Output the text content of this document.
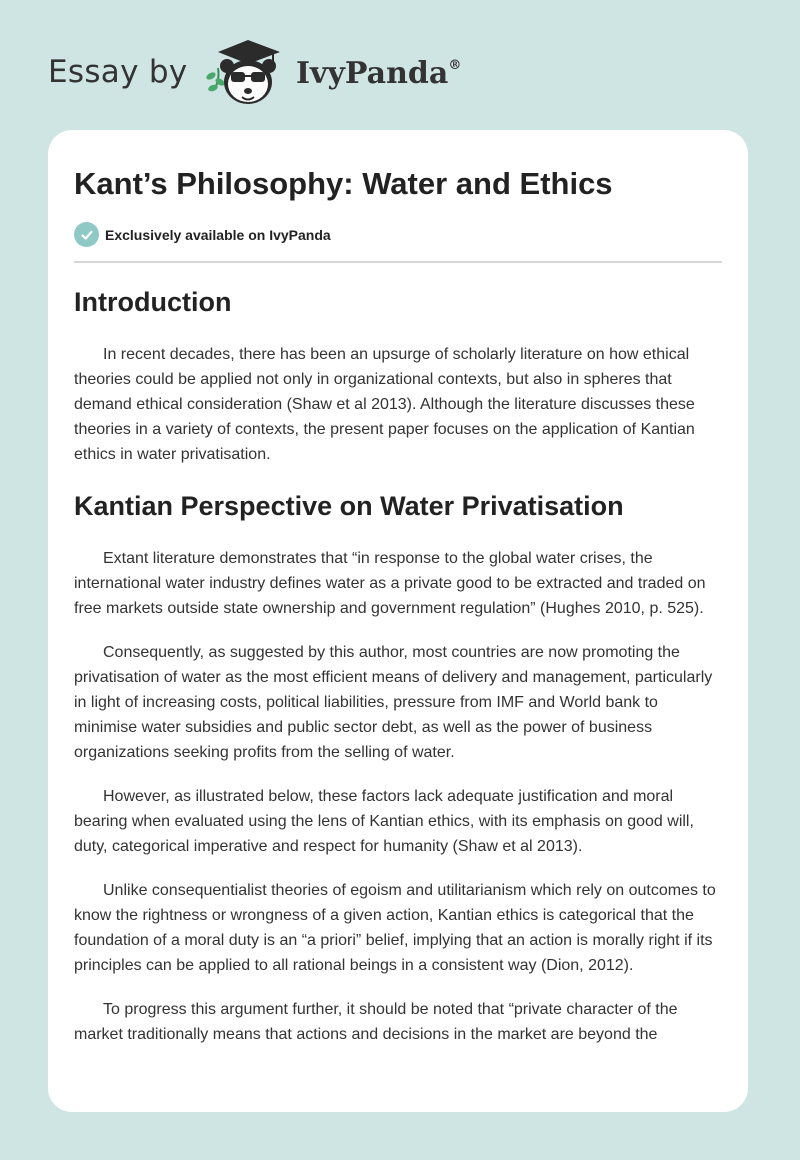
Essay by	IvyPanda®
Kant’s Philosophy: Water and Ethics
Exclusively available on IvyPanda
Introduction

In recent decades, there has been an upsurge of scholarly literature on how ethical theories could be applied not only in organizational contexts, but also in spheres that demand ethical consideration (Shaw et al 2013). Although the literature discusses these theories in a variety of contexts, the present paper focuses on the application of Kantian ethics in water privatisation.

Kantian Perspective on Water Privatisation

Extant literature demonstrates that “in response to the global water crises, the international water industry defines water as a private good to be extracted and traded on free markets outside state ownership and government regulation” (Hughes 2010, p. 525).

Consequently, as suggested by this author, most countries are now promoting the privatisation of water as the most efficient means of delivery and management, particularly in light of increasing costs, political liabilities, pressure from IMF and World bank to minimise water subsidies and public sector debt, as well as the power of business organizations seeking profits from the selling of water.

However, as illustrated below, these factors lack adequate justification and moral bearing when evaluated using the lens of Kantian ethics, with its emphasis on good will, duty, categorical imperative and respect for humanity (Shaw et al 2013).

Unlike consequentialist theories of egoism and utilitarianism which rely on outcomes to know the rightness or wrongness of a given action, Kantian ethics is categorical that the foundation of a moral duty is an “a priori” belief, implying that an action is morally right if its principles can be applied to all rational beings in a consistent way (Dion, 2012).

To progress this argument further, it should be noted that “private character of the market traditionally means that actions and decisions in the market are beyond the
